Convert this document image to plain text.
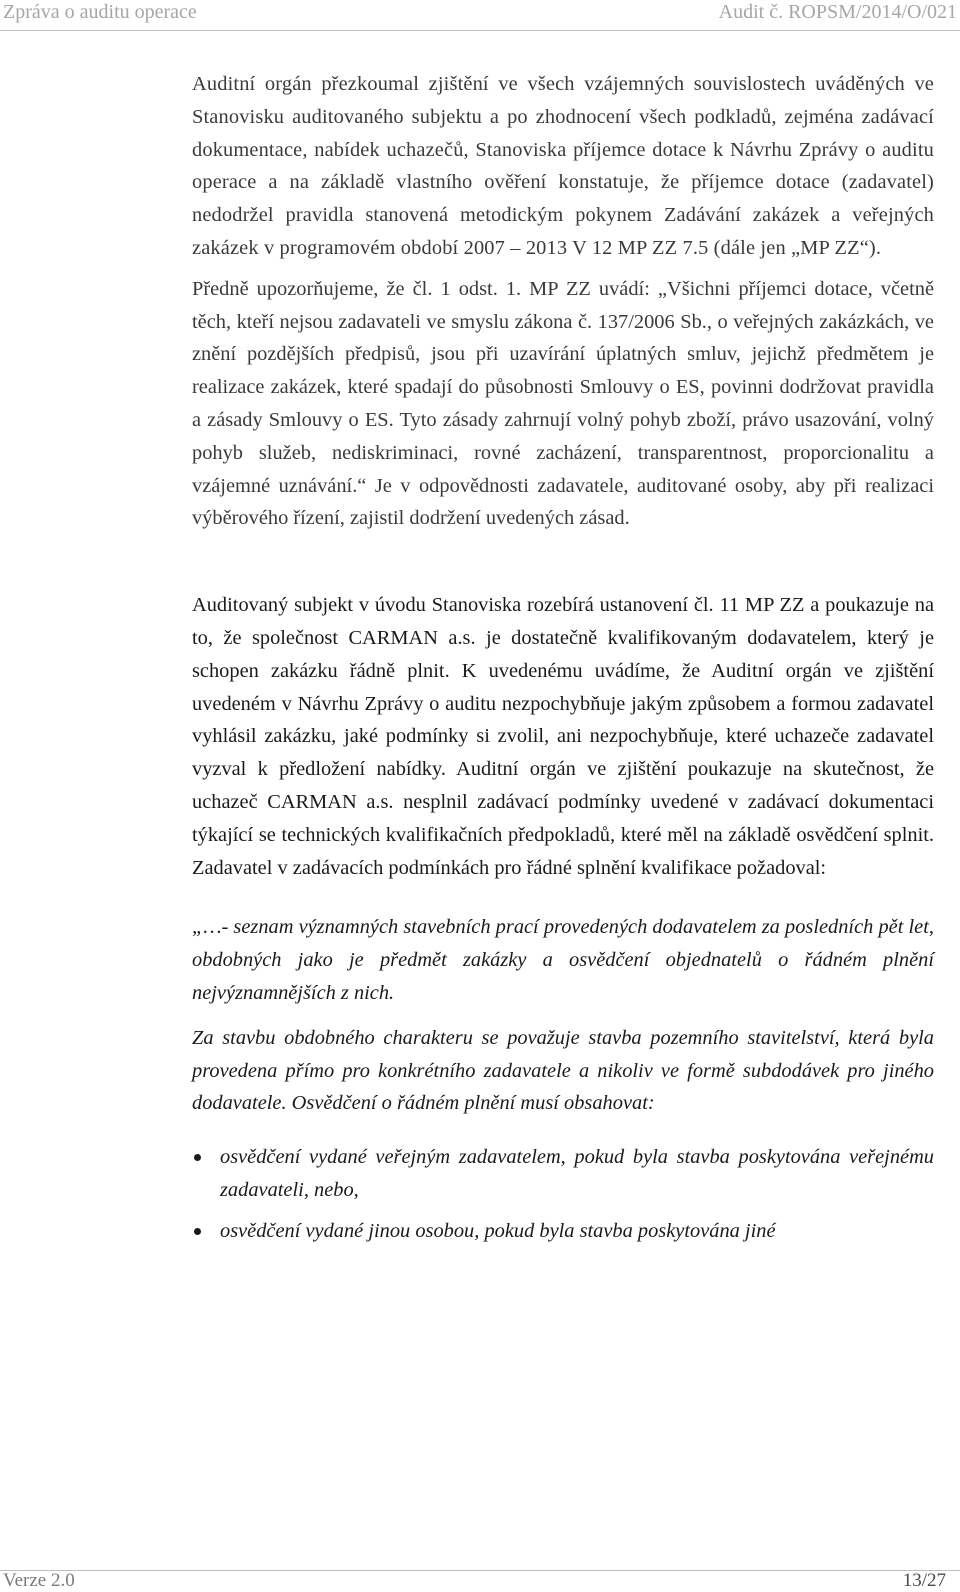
Zpráva o auditu operace	Audit č. ROPSM/2014/O/021

Auditní orgán přezkoumal zjištění ve všech vzájemných souvislostech uváděných ve Stanovisku auditovaného subjektu a po zhodnocení všech podkladů, zejména zadávací dokumentace, nabídek uchazečů, Stanoviska příjemce dotace k Návrhu Zprávy o auditu operace a na základě vlastního ověření konstatuje, že příjemce dotace (zadavatel) nedodržel pravidla stanovená metodickým pokynem Zadávání zakázek a veřejných zakázek v programovém období 2007 – 2013 V 12 MP ZZ 7.5 (dále jen „MP ZZ“).

Předně upozorňujeme, že čl. 1 odst. 1. MP ZZ uvádí: „Všichni příjemci dotace, včetně těch, kteří nejsou zadavateli ve smyslu zákona č. 137/2006 Sb., o veřejných zakázkách, ve znění pozdějších předpisů, jsou při uzavírání úplatných smluv, jejichž předmětem je realizace zakázek, které spadají do působnosti Smlouvy o ES, povinni dodržovat pravidla a zásady Smlouvy o ES. Tyto zásady zahrnují volný pohyb zboží, právo usazování, volný pohyb služeb, nediskriminaci, rovné zacházení, transparentnost, proporcionalitu a vzájemné uznávání.“ Je v odpovědnosti zadavatele, auditované osoby, aby při realizaci výběrového řízení, zajistil dodržení uvedených zásad.

Auditovaný subjekt v úvodu Stanoviska rozebírá ustanovení čl. 11 MP ZZ a poukazuje na to, že společnost CARMAN a.s. je dostatečně kvalifikovaným dodavatelem, který je schopen zakázku řádně plnit. K uvedenému uvádíme, že Auditní orgán ve zjištění uvedeném v Návrhu Zprávy o auditu nezpochybňuje jakým způsobem a formou zadavatel vyhlásil zakázku, jaké podmínky si zvolil, ani nezpochybňuje, které uchazeče zadavatel vyzval k předložení nabídky. Auditní orgán ve zjištění poukazuje na skutečnost, že uchazeč CARMAN a.s. nesplnil zadávací podmínky uvedené v zadávací dokumentaci týkající se technických kvalifikačních předpokladů, které měl na základě osvědčení splnit. Zadavatel v zadávacích podmínkách pro řádné splnění kvalifikace požadoval:

„…- seznam významných stavebních prací provedených dodavatelem za posledních pět let, obdobných jako je předmět zakázky a osvědčení objednatelů o řádném plnění nejvýznamnějších z nich.

Za stavbu obdobného charakteru se považuje stavba pozemního stavitelství, která byla provedena přímo pro konkrétního zadavatele a nikoliv ve formě subdodávek pro jiného dodavatele. Osvědčení o řádném plnění musí obsahovat:

osvědčení vydané veřejným zadavatelem, pokud byla stavba poskytována veřejnému zadavateli, nebo,
osvědčení vydané jinou osobou, pokud byla stavba poskytována jiné
Verze 2.0	13/27
